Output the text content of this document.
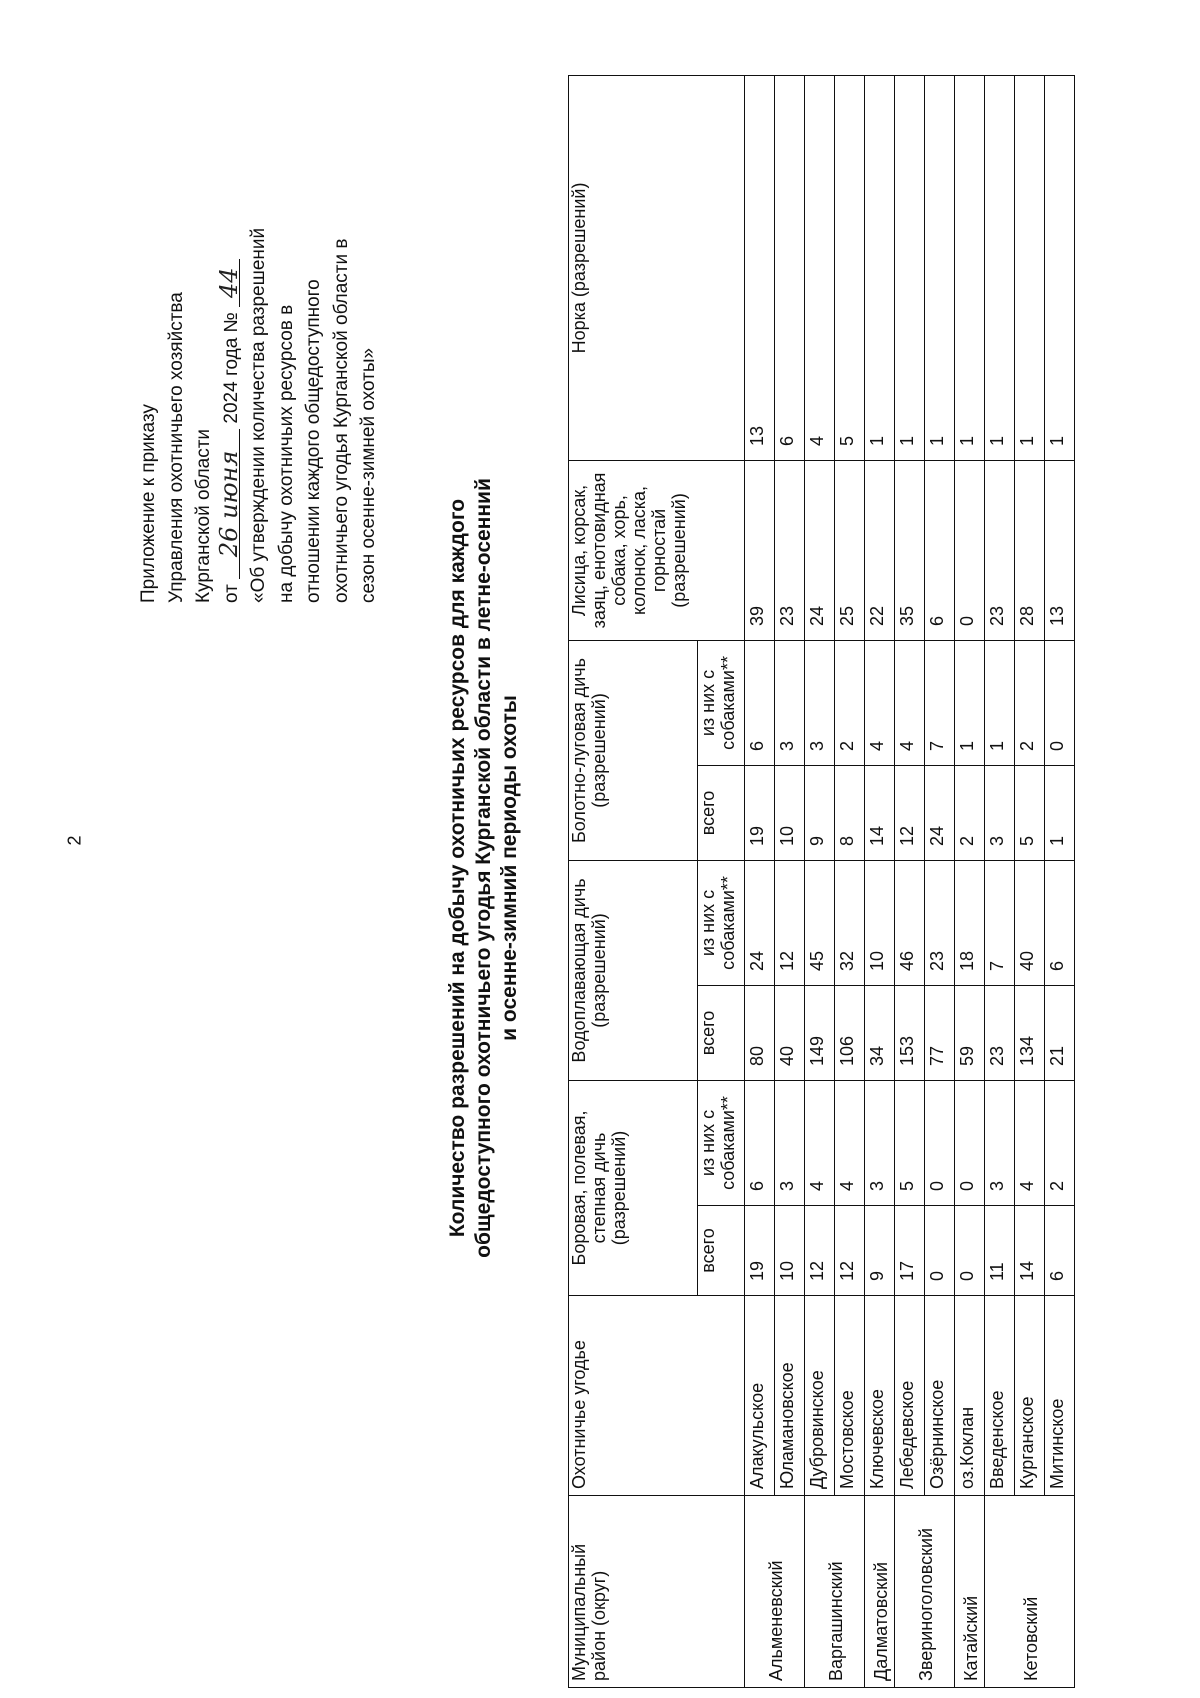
2
Приложение к приказу Управления охотничьего хозяйства Курганской области от 26 июня 2024 года № 44 «Об утверждении количества разрешений на добычу охотничьих ресурсов в отношении каждого общедоступного охотничьего угодья Курганской области в сезон осенне-зимней охоты»
Количество разрешений на добычу охотничьих ресурсов для каждого общедоступного охотничьего угодья Курганской области в летне-осенний и осенне-зимний периоды охоты
Муниципальный район (округ)	Охотничье угодье	Боровая, полевая, степная дичь (разрешений)		Водоплавающая дичь (разрешений)		Болотно-луговая дичь (разрешений)		Лисица, корсак, заяц, енотовидная собака, хорь, колонок, ласка, горностай (разрешений)	Норка (разрешений)
		всего	из них с собаками**	всего	из них с собаками**	всего	из них с собаками**		
Альменевский	Алакульское	19	6	80	24	19	6	39	13
	Юламановское	10	3	40	12	10	3	23	6
Варгашинский	Дубровинское	12	4	149	45	9	3	24	4
	Мостовское	12	4	106	32	8	2	25	5
Далматовский	Ключевское	9	3	34	10	14	4	22	1
Звериноголовский	Лебедевское	17	5	153	46	12	4	35	1
	Озёрнинское	0	0	77	23	24	7	6	1
Катайский	оз.Коклан	0	0	59	18	2	1	0	1
Кетовский	Введенское	11	3	23	7	3	1	23	1
	Курганское	14	4	134	40	5	2	28	1
	Митинское	6	2	21	6	1	0	13	1
